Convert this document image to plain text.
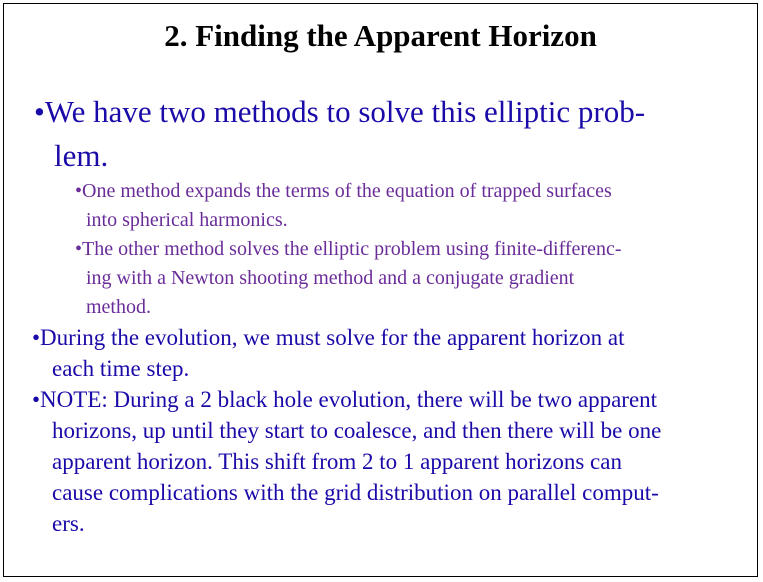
2. Finding the Apparent Horizon

•We have two methods to solve this elliptic prob-
lem.

•One method expands the terms of the equation of trapped surfaces
into spherical harmonics.

•The other method solves the elliptic problem using finite-differenc-
ing with a Newton shooting method and a conjugate gradient
method.

•During the evolution, we must solve for the apparent horizon at
each time step.

•NOTE: During a 2 black hole evolution, there will be two apparent
horizons, up until they start to coalesce, and then there will be one
apparent horizon. This shift from 2 to 1 apparent horizons can
cause complications with the grid distribution on parallel comput-
ers.
